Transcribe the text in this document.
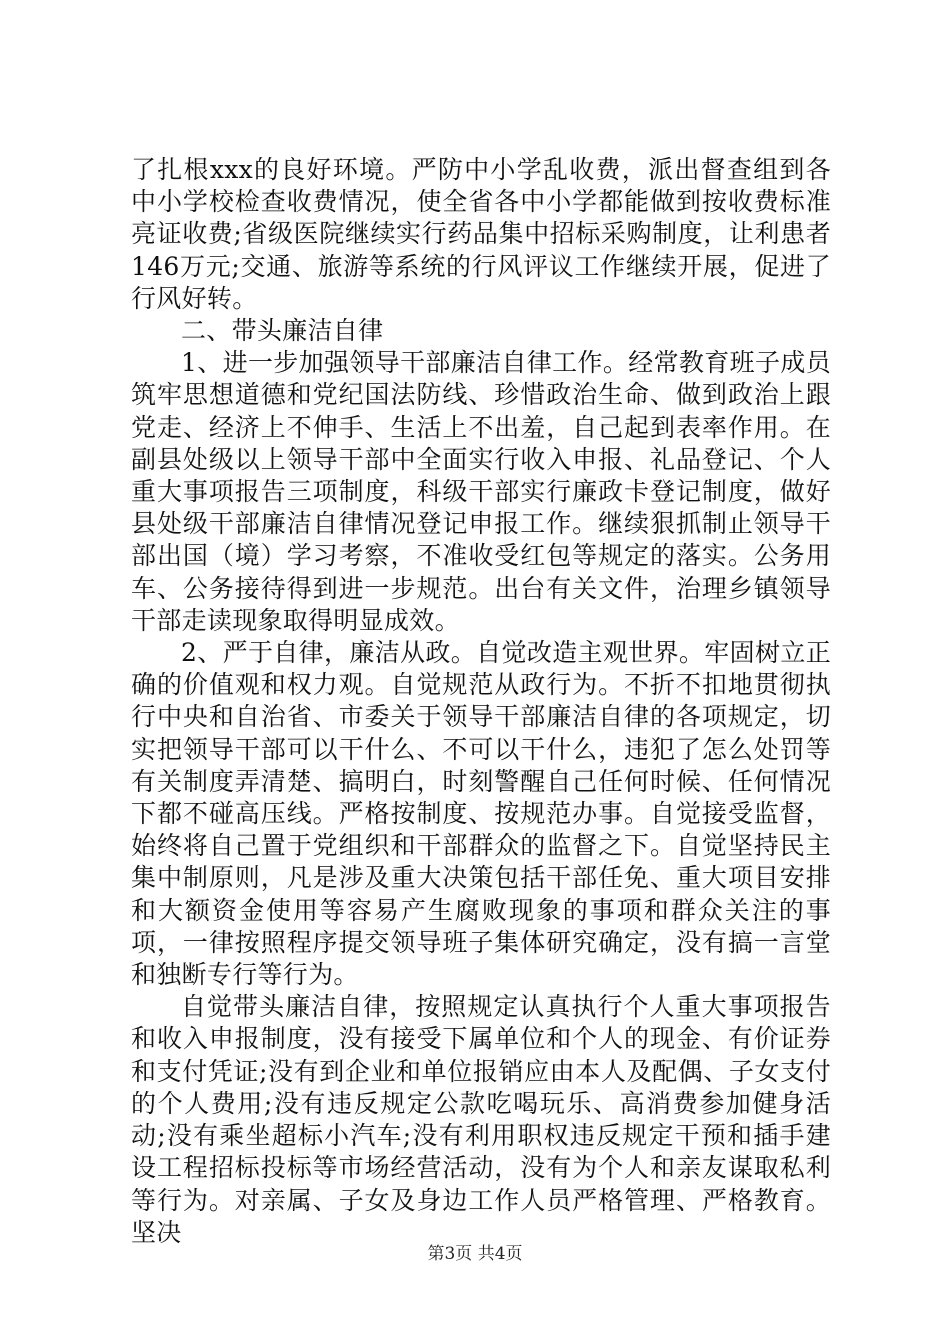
了扎根xxx的良好环境。严防中小学乱收费，派出督查组到各中小学校检查收费情况，使全省各中小学都能做到按收费标准亮证收费;省级医院继续实行药品集中招标采购制度，让利患者146万元;交通、旅游等系统的行风评议工作继续开展，促进了行风好转。

二、带头廉洁自律

1、进一步加强领导干部廉洁自律工作。经常教育班子成员筑牢思想道德和党纪国法防线、珍惜政治生命、做到政治上跟党走、经济上不伸手、生活上不出羞，自己起到表率作用。在副县处级以上领导干部中全面实行收入申报、礼品登记、个人重大事项报告三项制度，科级干部实行廉政卡登记制度，做好县处级干部廉洁自律情况登记申报工作。继续狠抓制止领导干部出国（境）学习考察，不准收受红包等规定的落实。公务用车、公务接待得到进一步规范。出台有关文件，治理乡镇领导干部走读现象取得明显成效。

2、严于自律，廉洁从政。自觉改造主观世界。牢固树立正确的价值观和权力观。自觉规范从政行为。不折不扣地贯彻执行中央和自治省、市委关于领导干部廉洁自律的各项规定，切实把领导干部可以干什么、不可以干什么，违犯了怎么处罚等有关制度弄清楚、搞明白，时刻警醒自己任何时候、任何情况下都不碰高压线。严格按制度、按规范办事。自觉接受监督，始终将自己置于党组织和干部群众的监督之下。自觉坚持民主集中制原则，凡是涉及重大决策包括干部任免、重大项目安排和大额资金使用等容易产生腐败现象的事项和群众关注的事项，一律按照程序提交领导班子集体研究确定，没有搞一言堂和独断专行等行为。

自觉带头廉洁自律，按照规定认真执行个人重大事项报告和收入申报制度，没有接受下属单位和个人的现金、有价证券和支付凭证;没有到企业和单位报销应由本人及配偶、子女支付的个人费用;没有违反规定公款吃喝玩乐、高消费参加健身活动;没有乘坐超标小汽车;没有利用职权违反规定干预和插手建设工程招标投标等市场经营活动，没有为个人和亲友谋取私利等行为。对亲属、子女及身边工作人员严格管理、严格教育。坚决

第3页 共4页
